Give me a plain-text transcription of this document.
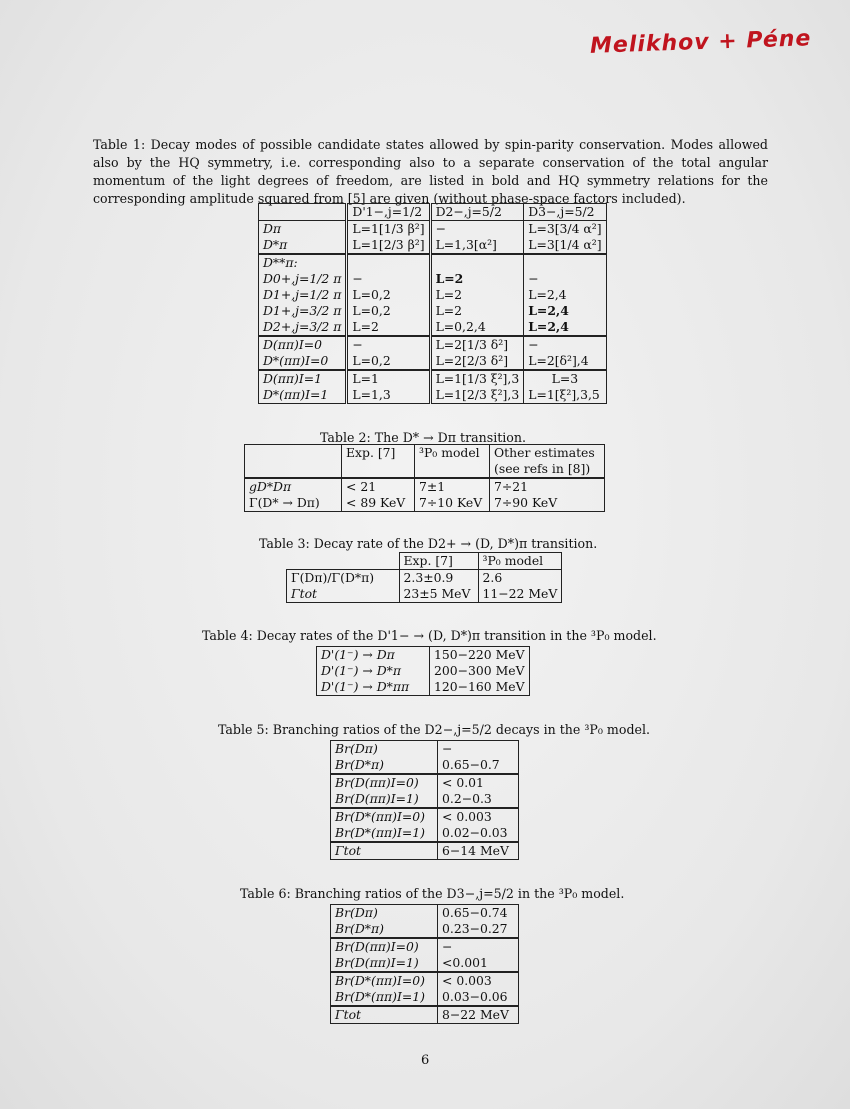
Melikhov + Péne
Table 1: Decay modes of possible candidate states allowed by spin-parity conservation. Modes allowed also by the HQ symmetry, i.e. corresponding also to a separate conservation of the total angular momentum of the light degrees of freedom, are listed in bold and HQ symmetry relations for the corresponding amplitude squared from [5] are given (without phase-space factors included).
	D'1−,j=1/2	D2−,j=5/2	D3−,j=5/2
Dπ	L=1[1/3 β²]	−	L=3[3/4 α²]
D*π	L=1[2/3 β²]	L=1,3[α²]	L=3[1/4 α²]
D**π:			
D0+,j=1/2 π	−	L=2	−
D1+,j=1/2 π	L=0,2	L=2	L=2,4
D1+,j=3/2 π	L=0,2	L=2	L=2,4
D2+,j=3/2 π	L=2	L=0,2,4	L=2,4
D(ππ)I=0	−	L=2[1/3 δ²]	−
D*(ππ)I=0	L=0,2	L=2[2/3 δ²]	L=2[δ²],4
D(ππ)I=1	L=1	L=1[1/3 ξ²],3	L=3
D*(ππ)I=1	L=1,3	L=1[2/3 ξ²],3	L=1[ξ²],3,5
Table 2: The D* → Dπ transition.
	Exp. [7]	³P₀ model	Other estimates
			(see refs in [8])
gD*Dπ	< 21	7±1	7÷21
Γ(D* → Dπ)	< 89 KeV	7÷10 KeV	7÷90 KeV
Table 3: Decay rate of the D2+ → (D, D*)π transition.
	Exp. [7]	³P₀ model
Γ(Dπ)/Γ(D*π)	2.3±0.9	2.6
Γtot	23±5 MeV	11−22 MeV
Table 4: Decay rates of the D'1− → (D, D*)π transition in the ³P₀ model.
D'(1⁻) → Dπ	150−220 MeV
D'(1⁻) → D*π	200−300 MeV
D'(1⁻) → D*ππ	120−160 MeV
Table 5: Branching ratios of the D2−,j=5/2 decays in the ³P₀ model.
Br(Dπ)	−
Br(D*π)	0.65−0.7
Br(D(ππ)I=0)	< 0.01
Br(D(ππ)I=1)	0.2−0.3
Br(D*(ππ)I=0)	< 0.003
Br(D*(ππ)I=1)	0.02−0.03
Γtot	6−14 MeV
Table 6: Branching ratios of the D3−,j=5/2 in the ³P₀ model.
Br(Dπ)	0.65−0.74
Br(D*π)	0.23−0.27
Br(D(ππ)I=0)	−
Br(D(ππ)I=1)	<0.001
Br(D*(ππ)I=0)	< 0.003
Br(D*(ππ)I=1)	0.03−0.06
Γtot	8−22 MeV
6
